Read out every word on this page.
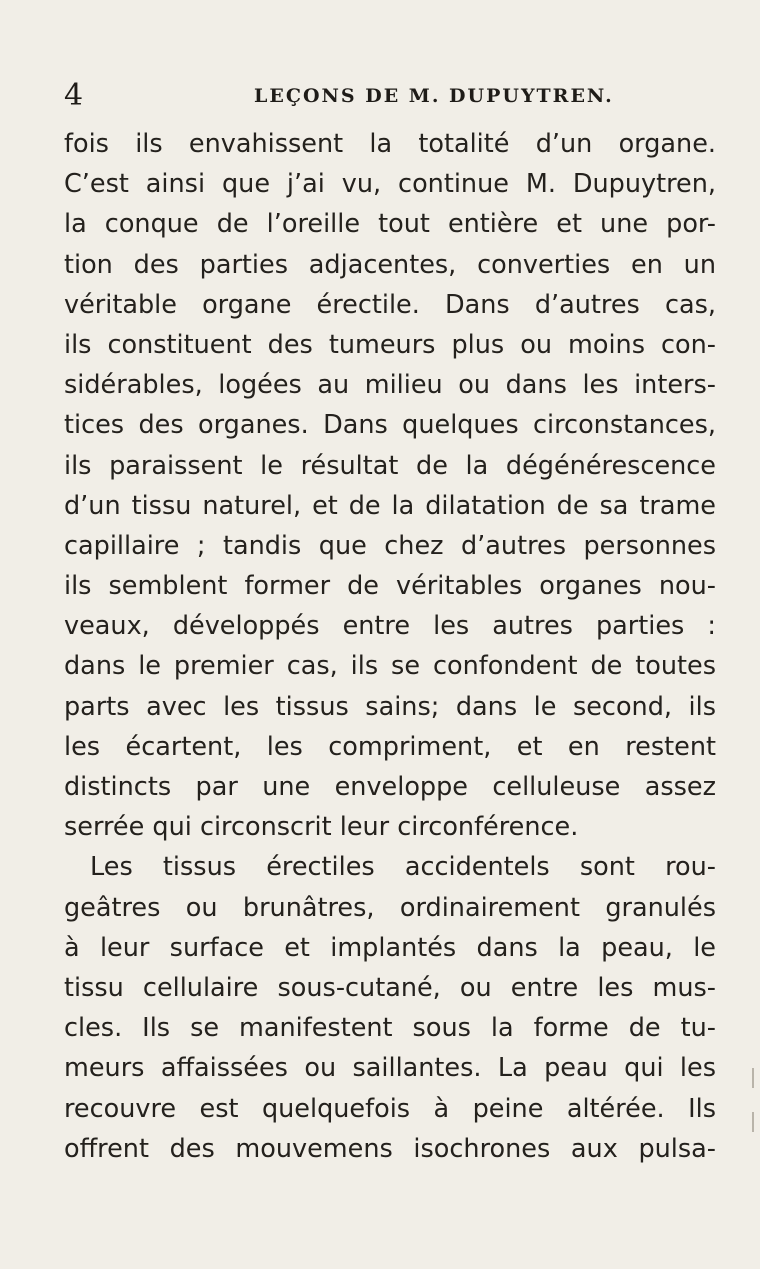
4	LEÇONS DE M. DUPUYTREN.
fois ils envahissent la totalité d’un organe.
C’est ainsi que j’ai vu, continue M. Dupuytren,
la conque de l’oreille tout entière et une por-
tion des parties adjacentes, converties en un
véritable organe érectile. Dans d’autres cas,
ils constituent des tumeurs plus ou moins con-
sidérables, logées au milieu ou dans les inters-
tices des organes. Dans quelques circonstances,
ils paraissent le résultat de la dégénérescence
d’un tissu naturel, et de la dilatation de sa trame
capillaire ; tandis que chez d’autres personnes
ils semblent former de véritables organes nou-
veaux, développés entre les autres parties :
dans le premier cas, ils se confondent de toutes
parts avec les tissus sains; dans le second, ils
les écartent, les compriment, et en restent
distincts par une enveloppe celluleuse assez
serrée qui circonscrit leur circonférence.
Les tissus érectiles accidentels sont rou-
geâtres ou brunâtres, ordinairement granulés
à leur surface et implantés dans la peau, le
tissu cellulaire sous-cutané, ou entre les mus-
cles. Ils se manifestent sous la forme de tu-
meurs affaissées ou saillantes. La peau qui les
recouvre est quelquefois à peine altérée. Ils
offrent des mouvemens isochrones aux pulsa-
